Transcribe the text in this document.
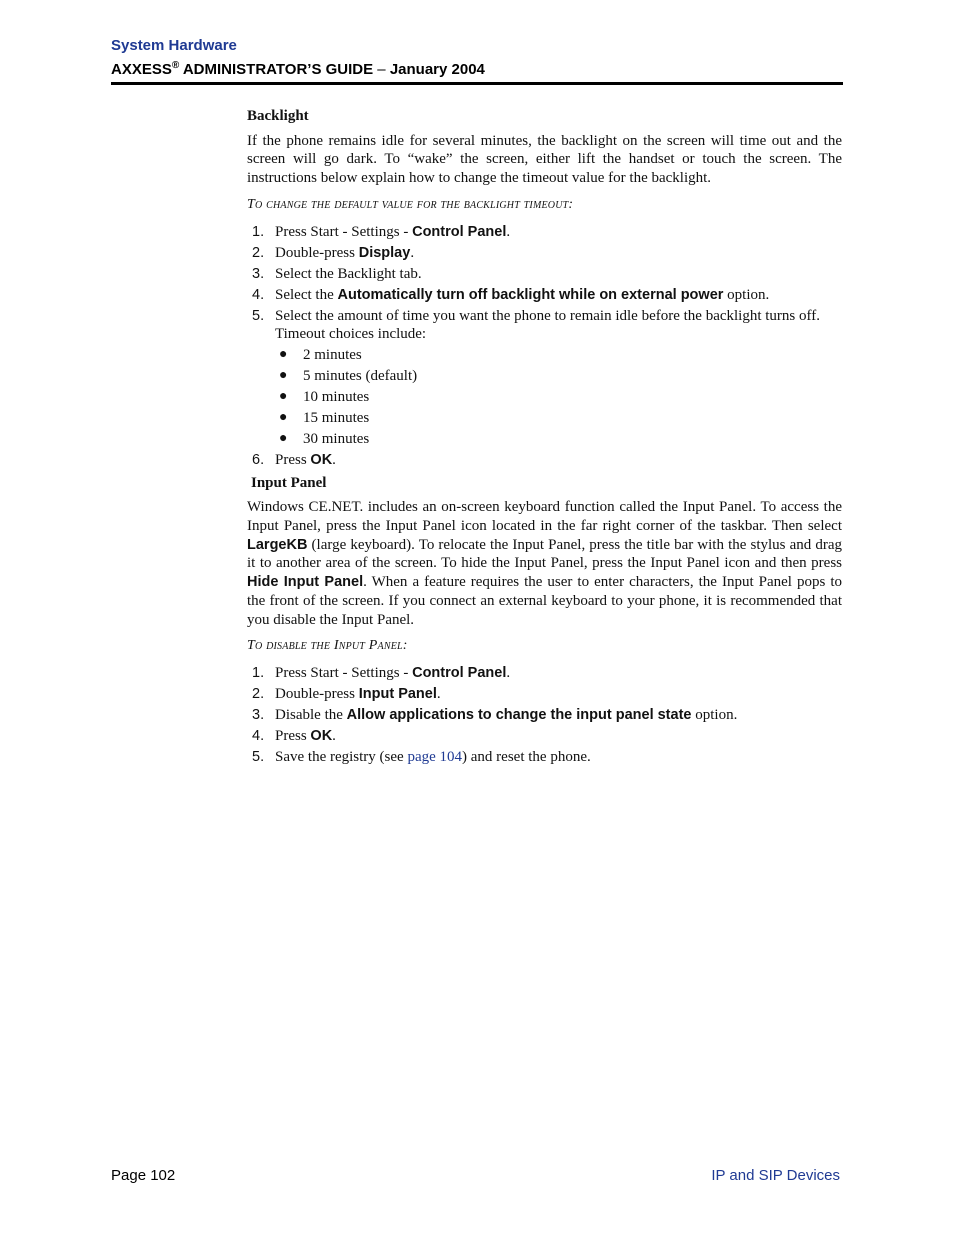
System Hardware
AXXESS® ADMINISTRATOR’S GUIDE – January 2004
Backlight

If the phone remains idle for several minutes, the backlight on the screen will time out and the screen will go dark. To “wake” the screen, either lift the handset or touch the screen. The instructions below explain how to change the timeout value for the backlight.

To change the default value for the backlight timeout:
1. Press Start - Settings - Control Panel.
2. Double-press Display.
3. Select the Backlight tab.
4. Select the Automatically turn off backlight while on external power option.
5. Select the amount of time you want the phone to remain idle before the backlight turns off. Timeout choices include:
● 2 minutes
● 5 minutes (default)
● 10 minutes
● 15 minutes
● 30 minutes
6. Press OK.
Input Panel

Windows CE.NET. includes an on-screen keyboard function called the Input Panel. To access the Input Panel, press the Input Panel icon located in the far right corner of the taskbar. Then select LargeKB (large keyboard). To relocate the Input Panel, press the title bar with the stylus and drag it to another area of the screen. To hide the Input Panel, press the Input Panel icon and then press Hide Input Panel. When a feature requires the user to enter characters, the Input Panel pops to the front of the screen. If you connect an external keyboard to your phone, it is recommended that you disable the Input Panel.

To disable the Input Panel:
1. Press Start - Settings - Control Panel.
2. Double-press Input Panel.
3. Disable the Allow applications to change the input panel state option.
4. Press OK.
5. Save the registry (see page 104) and reset the phone.
Page 102	IP and SIP Devices
